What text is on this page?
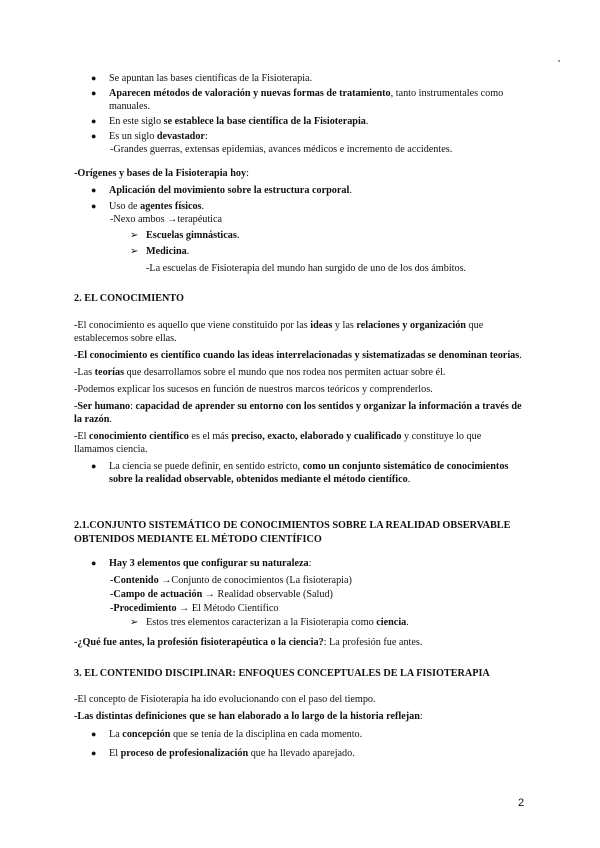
● Se apuntan las bases científicas de la Fisioterapia.
● Aparecen métodos de valoración y nuevas formas de tratamiento, tanto instrumentales como manuales.
● En este siglo se establece la base científica de la Fisioterapia.
● Es un siglo devastador:
-Grandes guerras, extensas epidemias, avances médicos e incremento de accidentes.
-Orígenes y bases de la Fisioterapia hoy:
● Aplicación del movimiento sobre la estructura corporal.
● Uso de agentes físicos.
-Nexo ambos →terapéutica
➢ Escuelas gimnásticas.
➢ Medicina.
-La escuelas de Fisioterapia del mundo han surgido de uno de los dos ámbitos.
2. EL CONOCIMIENTO
-El conocimiento es aquello que viene constituido por las ideas y las relaciones y organización que establecemos sobre ellas.
-El conocimiento es científico cuando las ideas interrelacionadas y sistematizadas se denominan teorías.
-Las teorías que desarrollamos sobre el mundo que nos rodea nos permiten actuar sobre él.
-Podemos explicar los sucesos en función de nuestros marcos teóricos y comprenderlos.
-Ser humano: capacidad de aprender su entorno con los sentidos y organizar la información a través de la razón.
-El conocimiento científico es el más preciso, exacto, elaborado y cualificado y constituye lo que llamamos ciencia.
● La ciencia se puede definir, en sentido estricto, como un conjunto sistemático de conocimientos sobre la realidad observable, obtenidos mediante el método científico.
2.1.CONJUNTO SISTEMÁTICO DE CONOCIMIENTOS SOBRE LA REALIDAD OBSERVABLE OBTENIDOS MEDIANTE EL MÉTODO CIENTÍFICO
● Hay 3 elementos que configurar su naturaleza:
-Contenido →Conjunto de conocimientos (La fisioterapia)
-Campo de actuación → Realidad observable (Salud)
-Procedimiento → El Método Científico
➢ Estos tres elementos caracterizan a la Fisioterapia como ciencia.
-¿Qué fue antes, la profesión fisioterapéutica o la ciencia?: La profesión fue antes.
3. EL CONTENIDO DISCIPLINAR: ENFOQUES CONCEPTUALES DE LA FISIOTERAPIA
-El concepto de Fisioterapia ha ido evolucionando con el paso del tiempo.
-Las distintas definiciones que se han elaborado a lo largo de la historia reflejan:
● La concepción que se tenía de la disciplina en cada momento.
● El proceso de profesionalización que ha llevado aparejado.
2
